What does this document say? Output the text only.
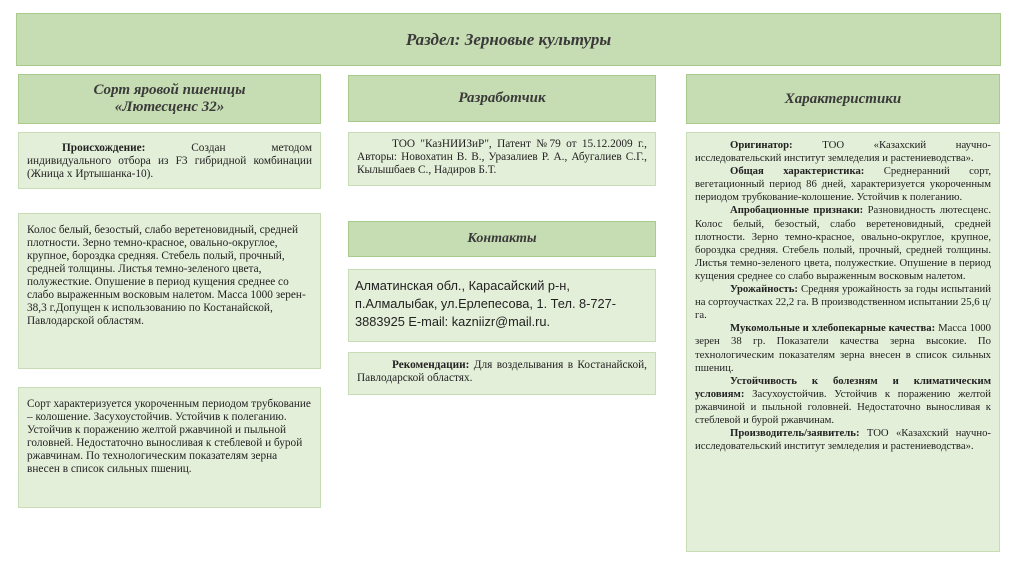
Раздел: Зерновые культуры
Сорт яровой пшеницы
«Лютесценс 32»

Происхождение: Создан методом индивидуального отбора из F3 гибридной комбинации (Жница х Иртышанка-10).

Колос белый, безостый, слабо веретеновидный, средней плотности. Зерно темно-красное, овально-округлое, крупное, бороздка средняя. Стебель полый, прочный, средней толщины. Листья темно-зеленого цвета, полужесткие. Опушение в период кущения среднее со слабо выраженным восковым налетом. Масса 1000 зерен- 38,3 г.Допущен к использованию по Костанайской, Павлодарской областям.

Сорт характеризуется укороченным периодом трубкование – колошение. Засухоустойчив. Устойчив к полеганию. Устойчив к поражению желтой ржавчиной и пыльной головней. Недостаточно выносливая к стеблевой и бурой ржавчинам. По технологическим показателям зерна внесен в список сильных пшениц.

Разработчик

ТОО "КазНИИЗиР", Патент №79 от 15.12.2009 г., Авторы: Новохатин В. В., Уразалиев Р. А., Абугалиев С.Г., Кылышбаев С., Надиров Б.Т.

Контакты

Алматинская обл., Карасайский р-н, п.Алмалыбак, ул.Ерлепесова, 1. Тел. 8-727-3883925 E-mail: kazniizr@mail.ru.

Рекомендации: Для возделывания в Костанайской, Павлодарской областях.

Характеристики

Оригинатор: ТОО «Казахский научно-исследовательский институт земледелия и растениеводства».

Общая характеристика: Среднеранний сорт, вегетационный период 86 дней, характеризуется укороченным периодом трубкование-колошение. Устойчив к полеганию.

Апробационные признаки: Разновидность лютесценс. Колос белый, безостый, слабо веретеновидный, средней плотности. Зерно темно-красное, овально-округлое, крупное, бороздка средняя. Стебель полый, прочный, средней толщины. Листья темно-зеленого цвета, полужесткие. Опушение в период кущения среднее со слабо выраженным восковым налетом.

Урожайность: Средняя урожайность за годы испытаний на сортоучастках 22,2 га. В производственном испытании 25,6 ц/га.

Мукомольные и хлебопекарные качества: Масса 1000 зерен 38 гр. Показатели качества зерна высокие. По технологическим показателям зерна внесен в список сильных пшениц.

Устойчивость к болезням и климатическим условиям: Засухоустойчив. Устойчив к поражению желтой ржавчиной и пыльной головней. Недостаточно выносливая к стеблевой и бурой ржавчинам.

Производитель/заявитель: ТОО «Казахский научно-исследовательский институт земледелия и растениеводства».
